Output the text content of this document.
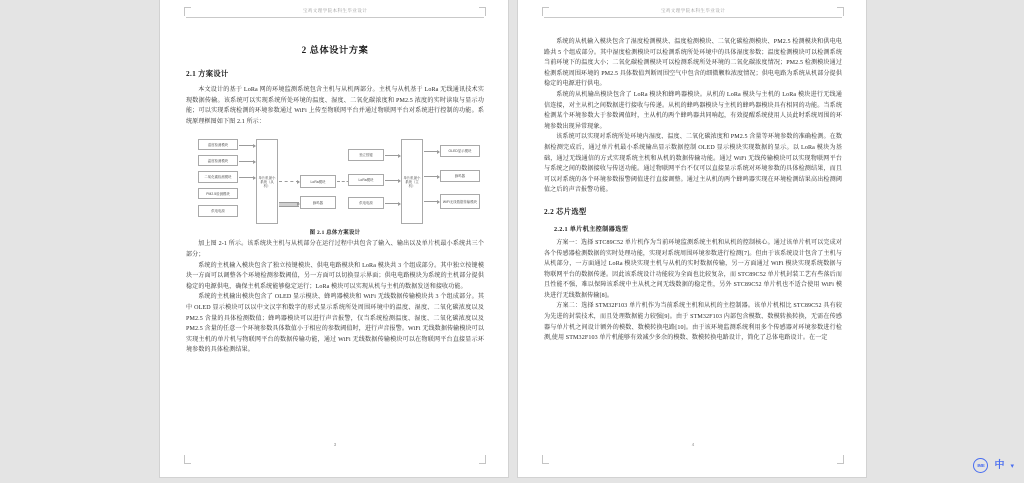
宝鸡文理学院本科生毕业设计
2 总体设计方案
2.1 方案设计

本文设计的基于 LoRa 网的环境监测系统包含主机与从机两部分。主机与从机基于 LoRa 无线通讯技术实现数据传输。该系统可以实现系统所处环境的温度、湿度、二氧化碳浓度和 PM2.5 浓度的实时读取与显示功能；可以实现系统检测的环境参数通过 WiFi 上传至物联网平台并通过物联网平台对系统进行控制的功能。系统原理框图如下图 2.1 所示：

湿度检测模块
温度检测模块
二氧化碳检测模块
PM2.5检测模块
供电电源
单片机最小系统（从机）
LoRa模块
蜂鸣器
独立按键
LoRa模块
供电电源
单片机最小系统（主机）
OLED显示模块
蜂鸣器
WiFi无线数据传输模块
图 2.1 总体方案设计

加上图 2-1 所示。该系统块主机与从机部分在运行过程中共包含了输入、输出以及单片机最小系统共三个部分；

系统的主机输入模块包含了独立按键模块、供电电路模块和 LoRa 模块共 3 个组成部分。其中独立按键模块一方面可以调整各个环境检测参数阈值，另一方面可以切换显示界面；供电电路模块为系统的主机部分提供稳定的电源供电，确保主机系统能够稳定运行；LoRa 模块可以实现从机与主机的数据发送和接收功能。

系统的主机输出模块包含了 OLED 显示模块、蜂鸣器模块和 WiFi 无线数据传输模块共 3 个组成部分。其中 OLED 显示模块可以以中文汉字和数字的形式显示系统所处周围环境中的温度、湿度、二氧化碳浓度以及 PM2.5 含量的具体检测数值；蜂鸣器模块可以进行声音报警，仅当系统检测温度、湿度、二氧化碳浓度以及 PM2.5 含量的任意一个环境参数具体数值小于相应的参数阈值时，进行声音报警。WiFi 无线数据传输模块可以实现主机的单片机与物联网平台的数据传输功能，通过 WiFi 无线数据传输模块可以在物联网平台直接显示环境参数的具体检测结果。

3
宝鸡文理学院本科生毕业设计

系统的从机输入模块包含了湿度检测模块、温度检测模块、二氧化碳检测模块、PM2.5 检测模块和供电电路共 5 个组成部分。其中湿度检测模块可以检测系统所处环境中的具体湿度参数；温度检测模块可以检测系统当前环境下的温度大小；二氧化碳检测模块可以检测系统所处环境的二氧化碳浓度情况；PM2.5 检测模块通过检测系统周围环境的 PM2.5 具体数值判断周围空气中包含的细微颗粒浓度情况；供电电路为系统从机部分提供稳定的电源进行供电。

系统的从机输出模块包含了 LoRa 模块和蜂鸣器模块。从机的 LoRa 模块与主机的 LoRa 模块进行无线通信连接，对主从机之间数据进行接收与传递。从机的蜂鸣器模块与主机的蜂鸣器模块具有相同的功能。当系统检测某个环境参数大于参数阈值时，主从机的两个蜂鸣器共同响起，有效提醒系统使用人员此时系统周围的环境参数出现异常现象。

该系统可以实现对系统所处环境内湿度、温度、二氧化碳浓度和 PM2.5 含量等环境参数的准确检测。在数据检测完成后，通过单片机最小系统输出显示数据控制 OLED 显示模块实现数据的显示。以 LoRa 模块为基础，通过无线通信的方式实现系统主机和从机的数据传输功能。通过 WiFi 无线传输模块可以实现物联网平台与系统之间的数据接收与传送功能。通过物联网平台不仅可以直接显示系统对环境参数的具体检测结果，而且可以对系统的各个环境参数报警阈值进行直接调整。通过主从机的两个蜂鸣器实现在环境检测结果高出检测阈值之后的声音报警功能。

2.2 芯片选型
2.2.1 单片机主控制器选型

方案一：选择 STC89C52 单片机作为当前环境监测系统主机和从机的控制核心。通过该单片机可以完成对各个传感器检测数据的实时处理功能，实现对系统周围环境参数进行检测[7]。但由于该系统设计包含了主机与从机部分，一方面通过 LoRa 模块实现主机与从机的实时数据传输，另一方面通过 WiFi 模块实现系统数据与物联网平台的数据传递。因此该系统设计功能较为全面也比较复杂，而 STC89C52 单片机封装工艺有些落后而且性能不强，难以保障该系统中主从机之间无线数据的稳定性，另外 STC89C52 单片机也不适合使用 WiFi 模块进行无线数据传输[8]。

方案二：选择 STM32F103 单片机作为当前系统主机和从机的主控制器。该单片机相比 STC89C52 具有较为先进的封装技术，而且处理数据能力较强[9]。由于 STM32F103 内部包含模数、数模转换转换，无需在传感器与单片机之间设计额外的模数、数模转换电路[10]。由于该环境监测系统利用多个传感器对环境参数进行检测,使用 STM32F103 单片机能够有效减少多余的模数、数模转换电路设计，简化了总体电路设计。在一定

4
IME 中 ▾
